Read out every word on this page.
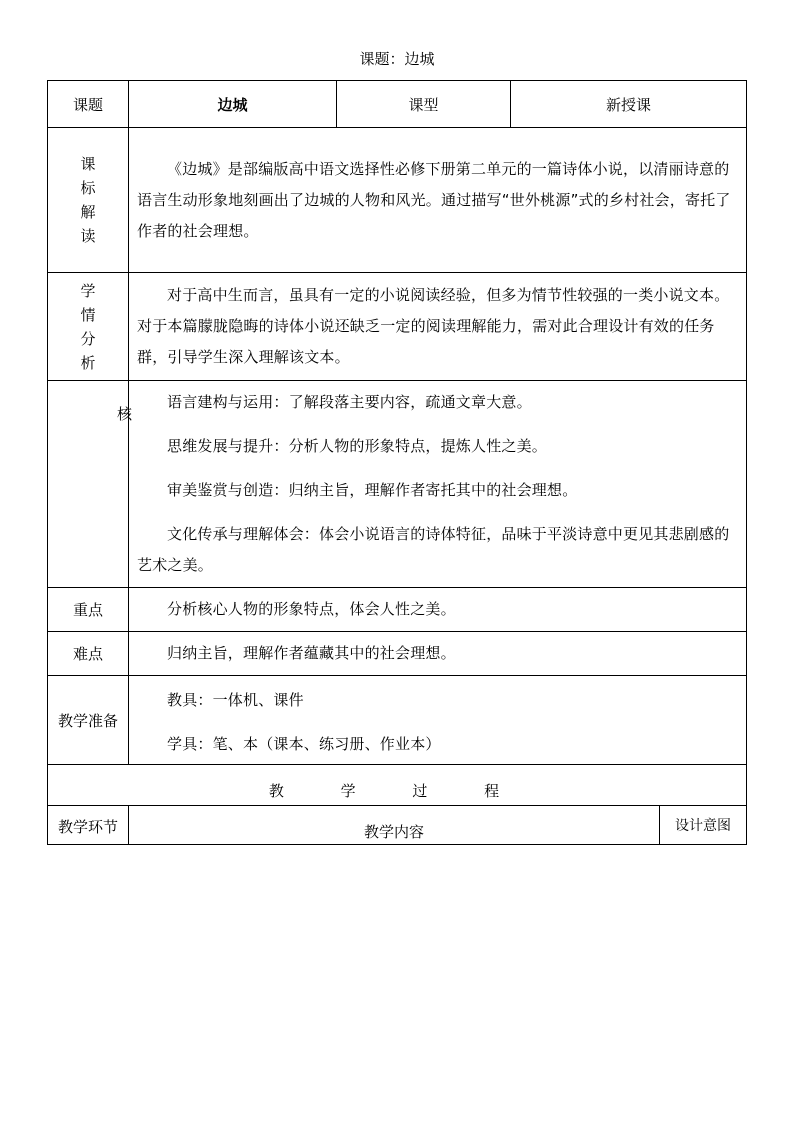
课题：边城
课题	边城	课型	新授课	

课
标
解
读	《边城》是部编版高中语文选择性必修下册第二单元的一篇诗体小说，以清丽诗意的语言生动形象地刻画出了边城的人物和风光。通过描写“世外桃源”式的乡村社会，寄托了作者的社会理想。			

学
情
分
析	对于高中生而言，虽具有一定的小说阅读经验，但多为情节性较强的一类小说文本。对于本篇朦胧隐晦的诗体小说还缺乏一定的阅读理解能力，需对此合理设计有效的任务群，引导学生深入理解该文本。			

核	语言建构与运用：了解段落主要内容，疏通文章大意。

思维发展与提升：分析人物的形象特点，提炼人性之美。

审美鉴赏与创造：归纳主旨，理解作者寄托其中的社会理想。

文化传承与理解体会：体会小说语言的诗体特征，品味于平淡诗意中更见其悲剧感的艺术之美。			

重点	分析核心人物的形象特点，体会人性之美。			

难点	归纳主旨，理解作者蕴藏其中的社会理想。			

教学准备	教具：一体机、课件

学具：笔、本（课本、练习册、作业本）			

教 学 过 程				
教学环节	教学内容			设计意图
